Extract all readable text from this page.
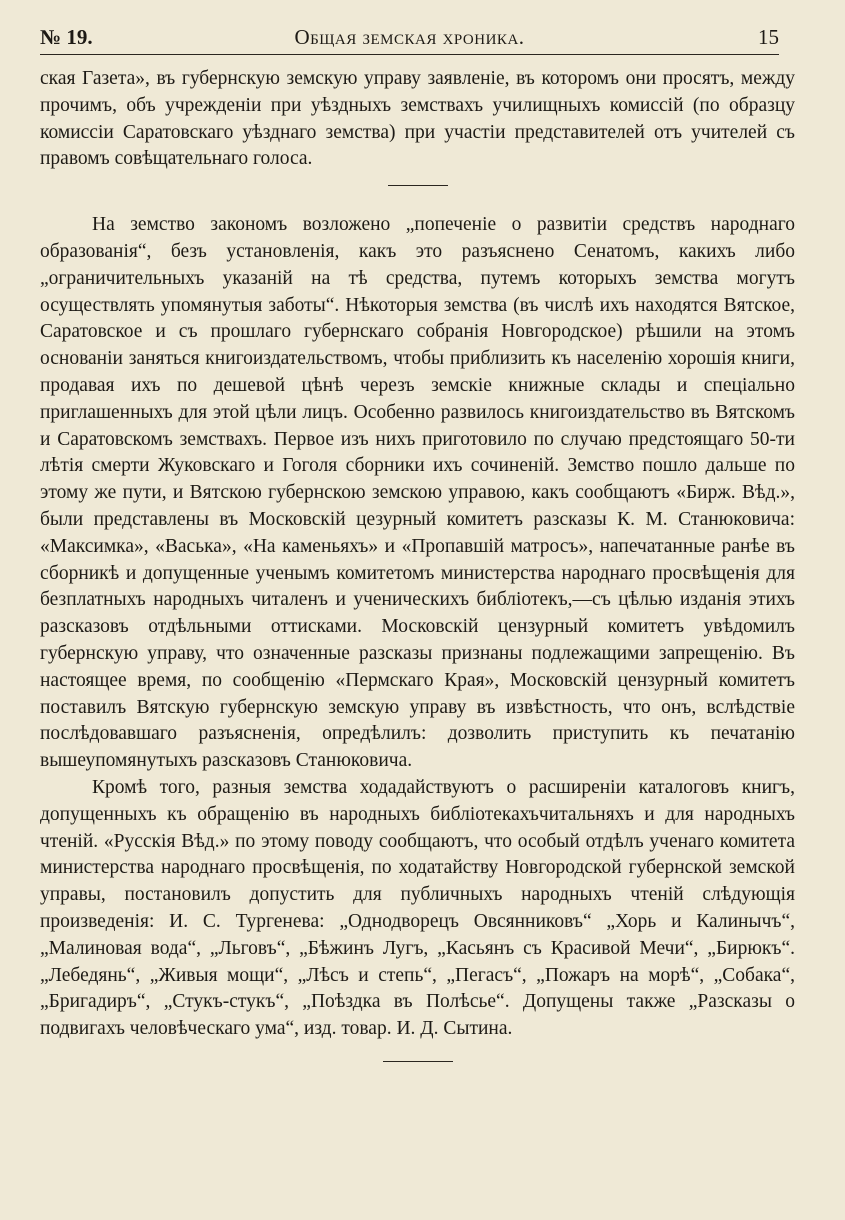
№ 19.	Общая земская хроника.	15

ская Газета», въ губернскую земскую управу заявленіе, въ которомъ они просятъ, между прочимъ, объ учрежденіи при уѣздныхъ земствахъ училищныхъ комиссій (по образцу комиссіи Саратовскаго уѣзднаго земства) при участіи представителей отъ учителей съ правомъ совѣщательнаго голоса.

На земство закономъ возложено „попеченіе о развитіи средствъ народнаго образованія“, безъ установленія, какъ это разъяснено Сенатомъ, какихъ либо „ограничительныхъ указаній на тѣ средства, путемъ которыхъ земства могутъ осуществлять упомянутыя заботы“. Нѣкоторыя земства (въ числѣ ихъ находятся Вятское, Саратовское и съ прошлаго губернскаго собранія Новгородское) рѣшили на этомъ основаніи заняться книгоиздательствомъ, чтобы приблизить къ населенію хорошія книги, продавая ихъ по дешевой цѣнѣ черезъ земскіе книжные склады и спеціально приглашенныхъ для этой цѣли лицъ. Особенно развилось книгоиздательство въ Вятскомъ и Саратовскомъ земствахъ. Первое изъ нихъ приготовило по случаю предстоящаго 50-ти лѣтія смерти Жуковскаго и Гоголя сборники ихъ сочиненій. Земство пошло дальше по этому же пути, и Вятскою губернскою земскою управою, какъ сообщаютъ «Бирж. Вѣд.», были представлены въ Московскій цезурный комитетъ разсказы К. М. Станюковича: «Максимка», «Васька», «На каменьяхъ» и «Пропавшій матросъ», напечатанные ранѣе въ сборникѣ и допущенные ученымъ комитетомъ министерства народнаго просвѣщенія для безплатныхъ народныхъ читаленъ и ученическихъ библіотекъ,—съ цѣлью изданія этихъ разсказовъ отдѣльными оттисками. Московскій цензурный комитетъ увѣдомилъ губернскую управу, что означенные разсказы признаны подлежащими запрещенію. Въ настоящее время, по сообщенію «Пермскаго Края», Московскій цензурный комитетъ поставилъ Вятскую губернскую земскую управу въ извѣстность, что онъ, вслѣдствіе послѣдовавшаго разъясненія, опредѣлилъ: дозволить приступить къ печатанію вышеупомянутыхъ разсказовъ Станюковича.

Кромѣ того, разныя земства ходадайствуютъ о расширеніи каталоговъ книгъ, допущенныхъ къ обращенію въ народныхъ библіотекахъчитальняхъ и для народныхъ чтеній. «Русскія Вѣд.» по этому поводу сообщаютъ, что особый отдѣлъ ученаго комитета министерства народнаго просвѣщенія, по ходатайству Новгородской губернской земской управы, постановилъ допустить для публичныхъ народныхъ чтеній слѣдующія произведенія: И. С. Тургенева: „Однодворецъ Овсянниковъ“ „Хорь и Калинычъ“, „Малиновая вода“, „Льговъ“, „Бѣжинъ Лугъ, „Касьянъ съ Красивой Мечи“, „Бирюкъ“. „Лебедянь“, „Живыя мощи“, „Лѣсъ и степь“, „Пегасъ“, „Пожаръ на морѣ“, „Собака“, „Бригадиръ“, „Стукъ-стукъ“, „Поѣздка въ Полѣсье“. Допущены также „Разсказы о подвигахъ человѣческаго ума“, изд. товар. И. Д. Сытина.
